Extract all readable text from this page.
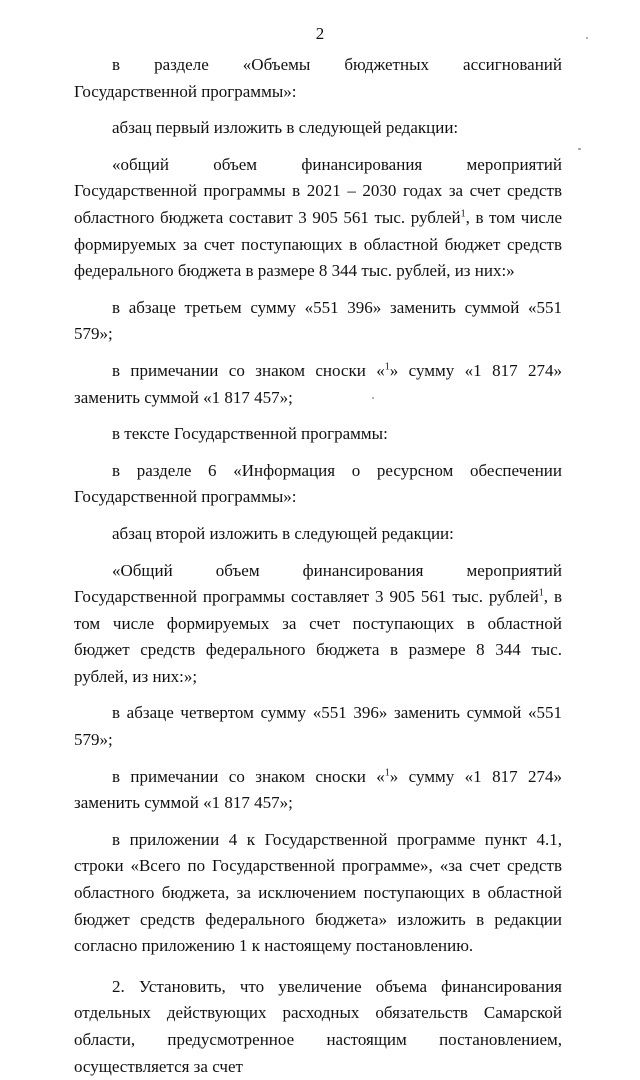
2

в разделе «Объемы бюджетных ассигнований Государственной программы»:

абзац первый изложить в следующей редакции:

«общий объем финансирования мероприятий Государственной программы в 2021 – 2030 годах за счет средств областного бюджета составит 3 905 561 тыс. рублей$^1$, в том числе формируемых за счет поступающих в областной бюджет средств федерального бюджета в размере 8 344 тыс. рублей, из них:»

в абзаце третьем сумму «551 396» заменить суммой «551 579»;

в примечании со знаком сноски «$^1$» сумму «1 817 274» заменить суммой «1 817 457»;

в тексте Государственной программы:

в разделе 6 «Информация о ресурсном обеспечении Государственной программы»:

абзац второй изложить в следующей редакции:

«Общий объем финансирования мероприятий Государственной программы составляет 3 905 561 тыс. рублей$^1$, в том числе формируемых за счет поступающих в областной бюджет средств федерального бюджета в размере 8 344 тыс. рублей, из них:»;

в абзаце четвертом сумму «551 396» заменить суммой «551 579»;

в примечании со знаком сноски «$^1$» сумму «1 817 274» заменить суммой «1 817 457»;

в приложении 4 к Государственной программе пункт 4.1, строки «Всего по Государственной программе», «за счет средств областного бюджета, за исключением поступающих в областной бюджет средств федерального бюджета» изложить в редакции согласно приложению 1 к настоящему постановлению.

2. Установить, что увеличение объема финансирования отдельных действующих расходных обязательств Самарской области, предусмотренное настоящим постановлением, осуществляется за счет
